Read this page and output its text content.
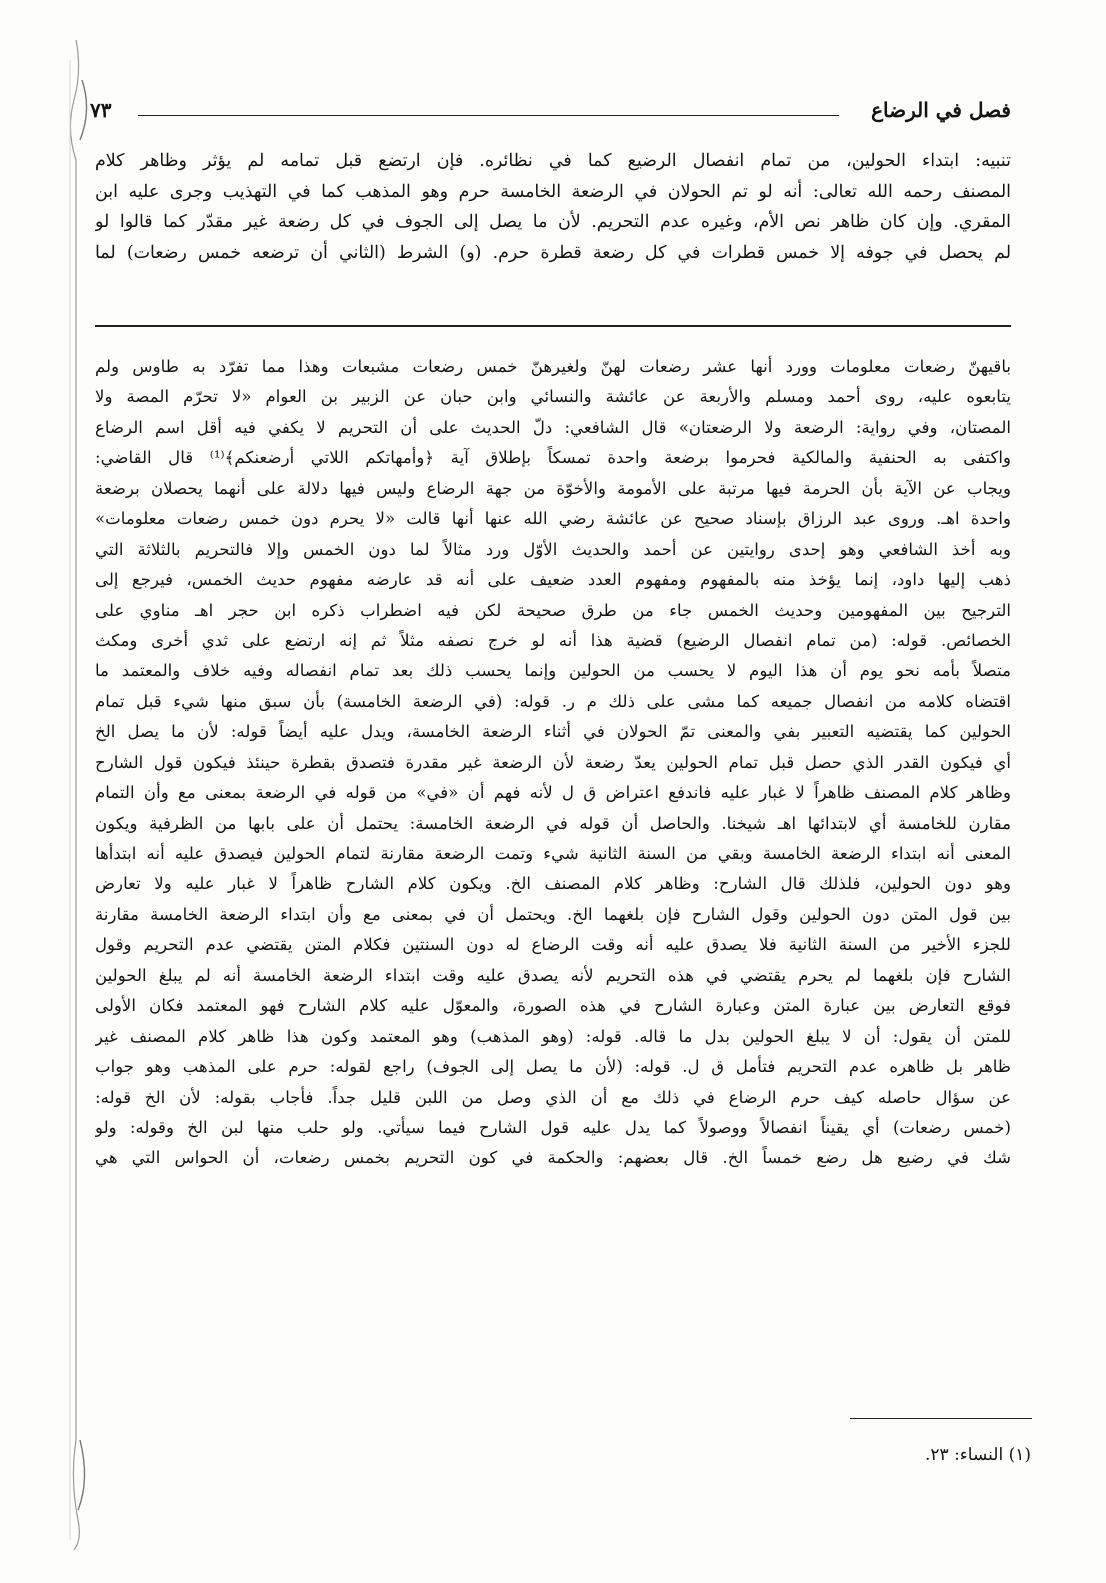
فصل في الرضاع
٧٣
تنبيه: ابتداء الحولين، من تمام انفصال الرضيع كما في نظائره. فإن ارتضع قبل تمامه لم يؤثر وظاهر كلام
المصنف رحمه الله تعالى: أنه لو تم الحولان في الرضعة الخامسة حرم وهو المذهب كما في التهذيب وجرى عليه ابن
المقري. وإن كان ظاهر نص الأم، وغيره عدم التحريم. لأن ما يصل إلى الجوف في كل رضعة غير مقدّر كما قالوا لو
لم يحصل في جوفه إلا خمس قطرات في كل رضعة قطرة حرم. (و) الشرط (الثاني أن ترضعه خمس رضعات) لما
باقيهنّ رضعات معلومات وورد أنها عشر رضعات لهنّ ولغيرهنّ خمس رضعات مشبعات وهذا مما تفرّد به طاوس ولم
يتابعوه عليه، روى أحمد ومسلم والأربعة عن عائشة والنسائي وابن حبان عن الزبير بن العوام «لا تحرّم المصة ولا
المصتان، وفي رواية: الرضعة ولا الرضعتان» قال الشافعي: دلّ الحديث على أن التحريم لا يكفي فيه أقل اسم الرضاع
واكتفى به الحنفية والمالكية فحرموا برضعة واحدة تمسكاً بإطلاق آية ﴿وأمهاتكم اللاتي أرضعنكم﴾⁽¹⁾ قال القاضي:
ويجاب عن الآية بأن الحرمة فيها مرتبة على الأمومة والأخوّة من جهة الرضاع وليس فيها دلالة على أنهما يحصلان برضعة
واحدة اهـ. وروى عبد الرزاق بإسناد صحيح عن عائشة رضي الله عنها أنها قالت «لا يحرم دون خمس رضعات معلومات»
وبه أخذ الشافعي وهو إحدى روايتين عن أحمد والحديث الأوّل ورد مثالاً لما دون الخمس وإلا فالتحريم بالثلاثة التي
ذهب إليها داود، إنما يؤخذ منه بالمفهوم ومفهوم العدد ضعيف على أنه قد عارضه مفهوم حديث الخمس، فيرجع إلى
الترجيح بين المفهومين وحديث الخمس جاء من طرق صحيحة لكن فيه اضطراب ذكره ابن حجر اهـ مناوي على
الخصائص. قوله: (من تمام انفصال الرضيع) قضية هذا أنه لو خرج نصفه مثلاً ثم إنه ارتضع على ثدي أخرى ومكث
متصلاً بأمه نحو يوم أن هذا اليوم لا يحسب من الحولين وإنما يحسب ذلك بعد تمام انفصاله وفيه خلاف والمعتمد ما
اقتضاه كلامه من انفصال جميعه كما مشى على ذلك م ر. قوله: (في الرضعة الخامسة) بأن سبق منها شيء قبل تمام
الحولين كما يقتضيه التعبير بفي والمعنى تمّ الحولان في أثناء الرضعة الخامسة، ويدل عليه أيضاً قوله: لأن ما يصل الخ
أي فيكون القدر الذي حصل قبل تمام الحولين يعدّ رضعة لأن الرضعة غير مقدرة فتصدق بقطرة حينئذ فيكون قول الشارح
وظاهر كلام المصنف ظاهراً لا غبار عليه فاندفع اعتراض ق ل لأنه فهم أن «في» من قوله في الرضعة بمعنى مع وأن التمام
مقارن للخامسة أي لابتدائها اهـ شيخنا. والحاصل أن قوله في الرضعة الخامسة: يحتمل أن على بابها من الظرفية ويكون
المعنى أنه ابتداء الرضعة الخامسة وبقي من السنة الثانية شيء وتمت الرضعة مقارنة لتمام الحولين فيصدق عليه أنه ابتدأها
وهو دون الحولين، فلذلك قال الشارح: وظاهر كلام المصنف الخ. ويكون كلام الشارح ظاهراً لا غبار عليه ولا تعارض
بين قول المتن دون الحولين وقول الشارح فإن بلغهما الخ. ويحتمل أن في بمعنى مع وأن ابتداء الرضعة الخامسة مقارنة
للجزء الأخير من السنة الثانية فلا يصدق عليه أنه وقت الرضاع له دون السنتين فكلام المتن يقتضي عدم التحريم وقول
الشارح فإن بلغهما لم يحرم يقتضي في هذه التحريم لأنه يصدق عليه وقت ابتداء الرضعة الخامسة أنه لم يبلغ الحولين
فوقع التعارض بين عبارة المتن وعبارة الشارح في هذه الصورة، والمعوّل عليه كلام الشارح فهو المعتمد فكان الأولى
للمتن أن يقول: أن لا يبلغ الحولين بدل ما قاله. قوله: (وهو المذهب) وهو المعتمد وكون هذا ظاهر كلام المصنف غير
ظاهر بل ظاهره عدم التحريم فتأمل ق ل. قوله: (لأن ما يصل إلى الجوف) راجع لقوله: حرم على المذهب وهو جواب
عن سؤال حاصله كيف حرم الرضاع في ذلك مع أن الذي وصل من اللبن قليل جداً. فأجاب بقوله: لأن الخ قوله:
(خمس رضعات) أي يقيناً انفصالاً ووصولاً كما يدل عليه قول الشارح فيما سيأتي. ولو حلب منها لبن الخ وقوله: ولو
شك في رضيع هل رضع خمساً الخ. قال بعضهم: والحكمة في كون التحريم بخمس رضعات، أن الحواس التي هي
(١) النساء: ٢٣.
